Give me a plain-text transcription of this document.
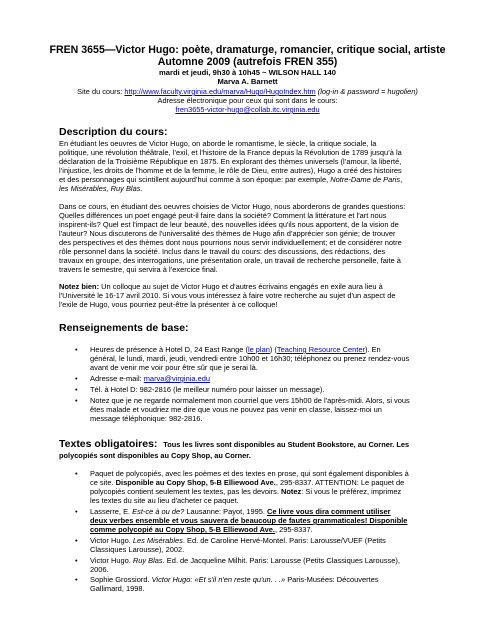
FREN 3655—Victor Hugo: poète, dramaturge, romancier, critique social, artiste
Automne 2009 (autrefois FREN 355)
mardi et jeudi, 9h30 à 10h45 ~ WILSON HALL 140
Marva A. Barnett
Site du cours: http://www.faculty.virginia.edu/marva/Hugo/HugoIndex.htm (log-in & password = hugolien)
Adresse électronique pour ceux qui sont dans le cours:
fren3655-victor-hugo@collab.itc.virginia.edu
Description du cours:
En étudiant les oeuvres de Victor Hugo, on aborde le romantisme, le siècle, la critique sociale, la
politique, une révolution théâtrale, l’exil, et l’histoire de la France depuis la Révolution de 1789 jusqu’à la
déclaration de la Troisième République en 1875. En explorant des thèmes universels (l’amour, la liberté,
l’injustice, les droits de l’homme et de la femme, le rôle de Dieu, entre autres), Hugo a créé des histoires
et des personnages qui scintillent aujourd’hui comme à son époque: par exemple, Notre-Dame de Paris,
les Misérables, Ruy Blas.
Dans ce cours, en étudiant des oeuvres choisies de Victor Hugo, nous aborderons de grandes questions:
Quelles différences un poet engagé peut-il faire dans la société? Comment la littérature et l'art nous
inspirent-ils? Quel est l'impact de leur beauté, des nouvelles idées qu'ils nous apportent, de la vision de
l'auteur? Nous discuterons de l'universalité des thèmes de Hugo afin d’apprécier son génie; de trouver
des perspectives et des thèmes dont nous pourrions nous servir individuellement; et de considérer notre
rôle personnel dans la société. Inclus dans le travail du cours: des discussions, des rédactions, des
travaux en groupe, des interrogations, une présentation orale, un travail de recherche personelle, faite à
travers le semestre, qui servira à l’exercice final.
Notez bien: Un colloque au sujet de Victor Hugo et d'autres écrivains engagés en exile aura lieu à
l'Université le 16-17 avril 2010. Si vous vous intéressez à faire votre recherche au sujet d'un aspect de
l'exile de Hugo, vous pourriez peut-être la présenter à ce colloque!
Renseignements de base:
• Heures de présence à Hotel D, 24 East Range (le plan) (Teaching Resource Center). En
général, le lundi, mardi, jeudi, vendredi entre 10h00 et 16h30; téléphonez ou prenez rendez-vous
avant de venir me voir pour être sûr que je serai là.
• Adresse e-mail: marva@virginia.edu
• Tél. à Hotel D: 982-2816 (le meilleur numéro pour laisser un message).
• Notez que je ne regarde normalement mon courriel que vers 15h00 de l'après-midi. Alors, si vous
êtes malade et voudriez me dire que vous ne pouvez pas venir en classe, laissez-moi un
message téléphonique: 982-2816.
Textes obligatoires: Tous les livres sont disponibles au Student Bookstore, au Corner. Les
polycopiés sont disponibles au Copy Shop, au Corner.
• Paquet de polycopiés, avec les poèmes et des textes en prose, qui sont également disponibles à
ce site. Disponible au Copy Shop, 5-B Elliewood Ave., 295-8337. ATTENTION: Le paquet de
polycopiés contient seulement les textes, pas les devoirs. Notez: Si vous le préférez, imprimez
les textes du site au lieu d'acheter ce paquet.
• Lasserre, E. Est-ce à ou de? Lausanne: Payot, 1995. Ce livre vous dira comment utiliser
deux verbes ensemble et vous sauvera de beaucoup de fautes grammaticales! Disponible
comme polycopié au Copy Shop, 5-B Elliewood Ave., 295-8337.
• Victor Hugo. Les Misérables. Ed. de Caroline Hervé-Montel. Paris: Larousse/VUEF (Petits
Classiques Larousse), 2002.
• Victor Hugo. Ruy Blas. Ed. de Jacqueline Milhit. Paris: Larousse (Petits Classiques Larousse),
2006.
• Sophie Grossiord. Victor Hugo: «Et s'il n'en reste qu'un. . .» Paris-Musées: Découvertes
Gallimard, 1998.
